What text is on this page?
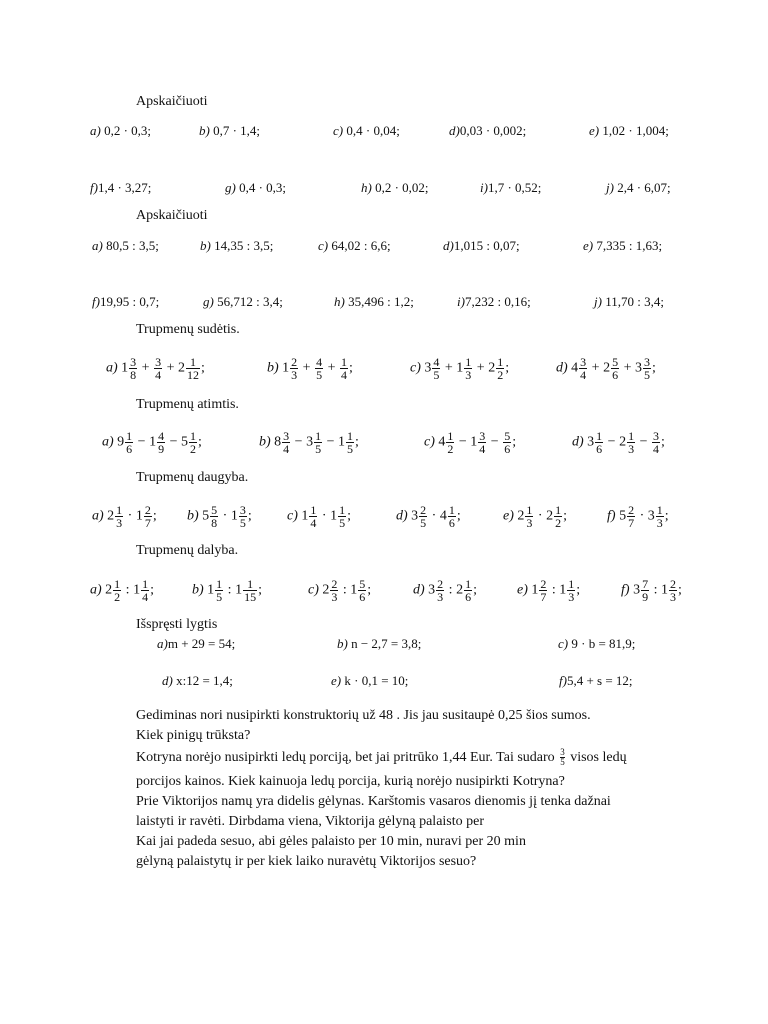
Apskaičiuoti
a) 0,2 · 0,3;	b) 0,7 · 1,4;	c) 0,4 · 0,04;	d)0,03 · 0,002;	e) 1,02 · 1,004;
f)1,4 · 3,27;	g) 0,4 · 0,3;	h) 0,2 · 0,02;	i)1,7 · 0,52;	j) 2,4 · 6,07;
Apskaičiuoti
a) 80,5 : 3,5;	b) 14,35 : 3,5;	c) 64,02 : 6,6;	d)1,015 : 0,07;	e) 7,335 : 1,63;
f)19,95 : 0,7;	g) 56,712 : 3,4;	h) 35,496 : 1,2;	i)7,232 : 0,16;	j) 11,70 : 3,4;
Trupmenų sudėtis.
a) $1 \frac{3}{8} + \frac{3}{4} + 2 \frac{1}{12}$ ;	b) $1 \frac{2}{3} + \frac{4}{5} + \frac{1}{4}$ ;	c) $3 \frac{4}{5} + 1 \frac{1}{3} + 2 \frac{1}{2}$ ;	d) $4 \frac{3}{4} + 2 \frac{5}{6} + 3 \frac{3}{5}$ ;
Trupmenų atimtis.
a) $9 \frac{1}{6} - 1 \frac{4}{9} - 5 \frac{1}{2}$ ;	b) $8 \frac{3}{4} - 3 \frac{1}{5} - 1 \frac{1}{5}$ ;	c) $4 \frac{1}{2} - 1 \frac{3}{4} - \frac{5}{6}$ ;	d) $3 \frac{1}{6} - 2 \frac{1}{3} - \frac{3}{4}$ ;
Trupmenų daugyba.
a) $2 \frac{1}{3} \cdot 1 \frac{2}{7}$ ; b) $5 \frac{5}{8} \cdot 1 \frac{3}{5}$ ;	c) $1 \frac{1}{4} \cdot 1 \frac{1}{5}$ ;	d) $3 \frac{2}{5} \cdot 4 \frac{1}{6}$ ;	e) $2 \frac{1}{3} \cdot 2 \frac{1}{2}$ ;	f) $5 \frac{2}{7} \cdot 3 \frac{1}{3}$ ;
Trupmenų dalyba.
a) $2 \frac{1}{2}$ : $1 \frac{1}{4}$ ;	b) $1 \frac{1}{5}$ : $1 \frac{1}{15}$ ;	c) $2 \frac{2}{3}$ : $1 \frac{5}{6}$ ;	d) $3 \frac{2}{3}$ : $2 \frac{1}{6}$ ;	e) $1 \frac{2}{7}$ : $1 \frac{1}{3}$ ;	f) $3 \frac{7}{9}$ : $1 \frac{2}{3}$ ;
Išspręsti lygtis
a)m + 29 = 54;	b) n − 2,7 = 3,8;	c) 9 · b = 81,9;
d) x:12 = 1,4;	e) k · 0,1 = 10;	f)5,4 + s = 12;
Gediminas nori nusipirkti konstruktorių už 48 . Jis jau susitaupė 0,25 šios sumos.
Kiek pinigų trūksta?
Kotryna norėjo nusipirkti ledų porciją, bet jai pritrūko 1,44 Eur. Tai sudaro $\frac{3}{5}$ visos ledų
porcijos kainos. Kiek kainuoja ledų porcija, kurią norėjo nusipirkti Kotryna?
Prie Viktorijos namų yra didelis gėlynas. Karštomis vasaros dienomis jį tenka dažnai
laistyti ir ravėti. Dirbdama viena, Viktorija gėlyną palaisto per
Kai jai padeda sesuo, abi gėles palaisto per 10 min, nuravi per 20 min
gėlyną palaistytų ir per kiek laiko nuravėtų Viktorijos sesuo?
